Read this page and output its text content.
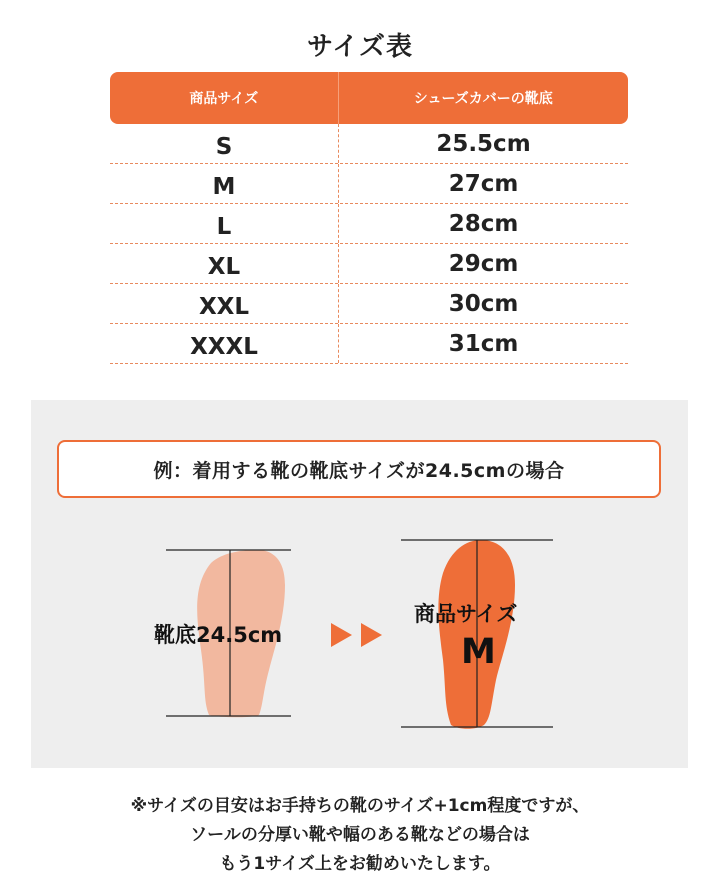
サイズ表
商品サイズ	シューズカバーの靴底
S	25.5cm
M	27cm
L	28cm
XL	29cm
XXL	30cm
XXXL	31cm
例：着用する靴の靴底サイズが24.5cmの場合
靴底24.5cm
商品サイズ
M
※サイズの目安はお手持ちの靴のサイズ+1cm程度ですが、
ソールの分厚い靴や幅のある靴などの場合は
もう1サイズ上をお勧めいたします。
